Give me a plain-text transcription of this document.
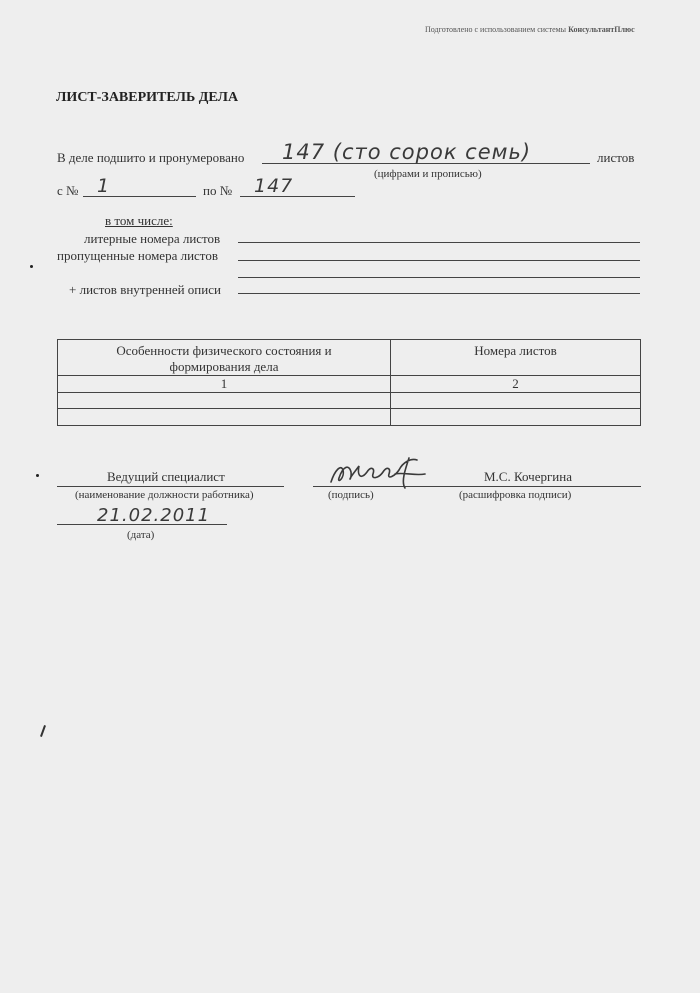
Подготовлено с использованием системы КонсультантПлюс
ЛИСТ-ЗАВЕРИТЕЛЬ ДЕЛА
В деле подшито и пронумеровано 147 (сто сорок семь)	листов
(цифрами и прописью)
с № 1	по № 147
в том числе:
литерные номера листов
пропущенные номера листов
+ листов внутренней описи
Особенности физического состояния и формирования дела	Номера листов
1	2

Ведущий специалист
(наименование должности работника)	(подпись)
М.С. Кочергина
(расшифровка подписи)
21.02.2011
(дата)
